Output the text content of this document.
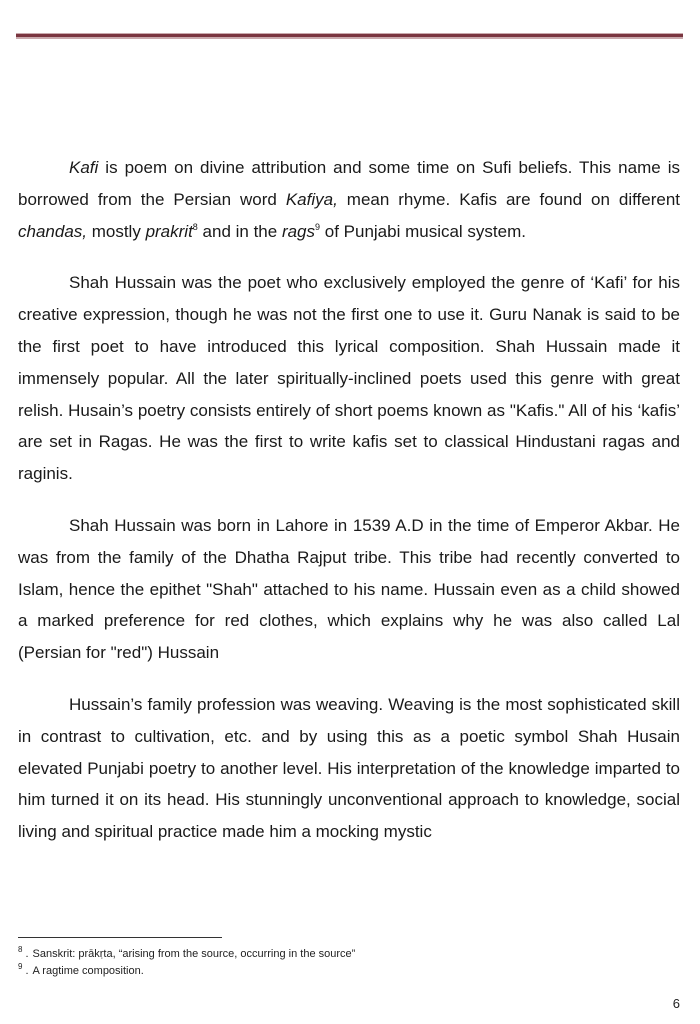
Kafi is poem on divine attribution and some time on Sufi beliefs. This name is borrowed from the Persian word Kafiya, mean rhyme. Kafis are found on different chandas, mostly prakrit$^8$ and in the rags$^9$ of Punjabi musical system.

Shah Hussain was the poet who exclusively employed the genre of ‘Kafi’ for his creative expression, though he was not the first one to use it. Guru Nanak is said to be the first poet to have introduced this lyrical composition. Shah Hussain made it immensely popular. All the later spiritually-inclined poets used this genre with great relish. Husain’s poetry consists entirely of short poems known as "Kafis." All of his ‘kafis’ are set in Ragas. He was the first to write kafis set to classical Hindustani ragas and raginis.

Shah Hussain was born in Lahore in 1539 A.D in the time of Emperor Akbar. He was from the family of the Dhatha Rajput tribe. This tribe had recently converted to Islam, hence the epithet "Shah" attached to his name. Hussain even as a child showed a marked preference for red clothes, which explains why he was also called Lal (Persian for "red") Hussain

Hussain’s family profession was weaving. Weaving is the most sophisticated skill in contrast to cultivation, etc. and by using this as a poetic symbol Shah Husain elevated Punjabi poetry to another level. His interpretation of the knowledge imparted to him turned it on its head. His stunningly unconventional approach to knowledge, social living and spiritual practice made him a mocking mystic

$^8$ . Sanskrit: prākṛta, “arising from the source, occurring in the source”

$^9$ . A ragtime composition.

6
